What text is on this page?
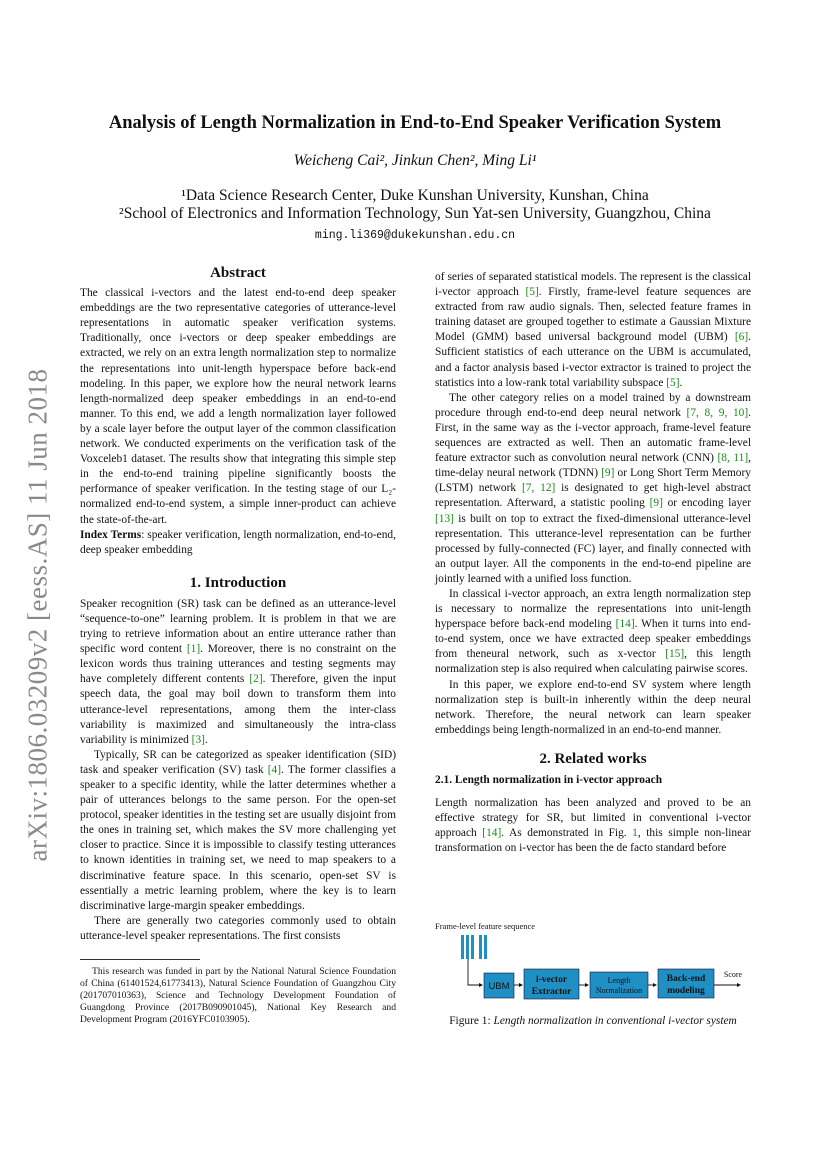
arXiv:1806.03209v2 [eess.AS] 11 Jun 2018
Analysis of Length Normalization in End-to-End Speaker Verification System
Weicheng Cai², Jinkun Chen², Ming Li¹
¹Data Science Research Center, Duke Kunshan University, Kunshan, China
²School of Electronics and Information Technology, Sun Yat-sen University, Guangzhou, China
ming.li369@dukekunshan.edu.cn
Abstract

The classical i-vectors and the latest end-to-end deep speaker embeddings are the two representative categories of utterance-level representations in automatic speaker verification systems. Traditionally, once i-vectors or deep speaker embeddings are extracted, we rely on an extra length normalization step to normalize the representations into unit-length hyperspace before back-end modeling. In this paper, we explore how the neural network learns length-normalized deep speaker embeddings in an end-to-end manner. To this end, we add a length normalization layer followed by a scale layer before the output layer of the common classification network. We conducted experiments on the verification task of the Voxceleb1 dataset. The results show that integrating this simple step in the end-to-end training pipeline significantly boosts the performance of speaker verification. In the testing stage of our L₂-normalized end-to-end system, a simple inner-product can achieve the state-of-the-art.

Index Terms: speaker verification, length normalization, end-to-end, deep speaker embedding

1. Introduction

Speaker recognition (SR) task can be defined as an utterance-level “sequence-to-one” learning problem. It is problem in that we are trying to retrieve information about an entire utterance rather than specific word content [1]. Moreover, there is no constraint on the lexicon words thus training utterances and testing segments may have completely different contents [2]. Therefore, given the input speech data, the goal may boil down to transform them into utterance-level representations, among them the inter-class variability is maximized and simultaneously the intra-class variability is minimized [3].

Typically, SR can be categorized as speaker identification (SID) task and speaker verification (SV) task [4]. The former classifies a speaker to a specific identity, while the latter determines whether a pair of utterances belongs to the same person. For the open-set protocol, speaker identities in the testing set are usually disjoint from the ones in training set, which makes the SV more challenging yet closer to practice. Since it is impossible to classify testing utterances to known identities in training set, we need to map speakers to a discriminative feature space. In this scenario, open-set SV is essentially a metric learning problem, where the key is to learn discriminative large-margin speaker embeddings.

There are generally two categories commonly used to obtain utterance-level speaker representations. The first consists

This research was funded in part by the National Natural Science Foundation of China (61401524,61773413), Natural Science Foundation of Guangzhou City (201707010363), Science and Technology Development Foundation of Guangdong Province (2017B090901045), National Key Research and Development Program (2016YFC0103905).

of series of separated statistical models. The represent is the classical i-vector approach [5]. Firstly, frame-level feature sequences are extracted from raw audio signals. Then, selected feature frames in training dataset are grouped together to estimate a Gaussian Mixture Model (GMM) based universal background model (UBM) [6]. Sufficient statistics of each utterance on the UBM is accumulated, and a factor analysis based i-vector extractor is trained to project the statistics into a low-rank total variability subspace [5].

The other category relies on a model trained by a downstream procedure through end-to-end deep neural network [7, 8, 9, 10]. First, in the same way as the i-vector approach, frame-level feature sequences are extracted as well. Then an automatic frame-level feature extractor such as convolution neural network (CNN) [8, 11], time-delay neural network (TDNN) [9] or Long Short Term Memory (LSTM) network [7, 12] is designated to get high-level abstract representation. Afterward, a statistic pooling [9] or encoding layer [13] is built on top to extract the fixed-dimensional utterance-level representation. This utterance-level representation can be further processed by fully-connected (FC) layer, and finally connected with an output layer. All the components in the end-to-end pipeline are jointly learned with a unified loss function.

In classical i-vector approach, an extra length normalization step is necessary to normalize the representations into unit-length hyperspace before back-end modeling [14]. When it turns into end-to-end system, once we have extracted deep speaker embeddings from theneural network, such as x-vector [15], this length normalization step is also required when calculating pairwise scores.

In this paper, we explore end-to-end SV system where length normalization step is built-in inherently within the deep neural network. Therefore, the neural network can learn speaker embeddings being length-normalized in an end-to-end manner.

2. Related works
2.1. Length normalization in i-vector approach

Length normalization has been analyzed and proved to be an effective strategy for SR, but limited in conventional i-vector approach [14]. As demonstrated in Fig. 1, this simple non-linear transformation on i-vector has been the de facto standard before

Frame-level feature sequence
UBM
i-vector
Extractor
Length
Normalization
Back-end
modeling
Score
Figure 1: Length normalization in conventional i-vector system
